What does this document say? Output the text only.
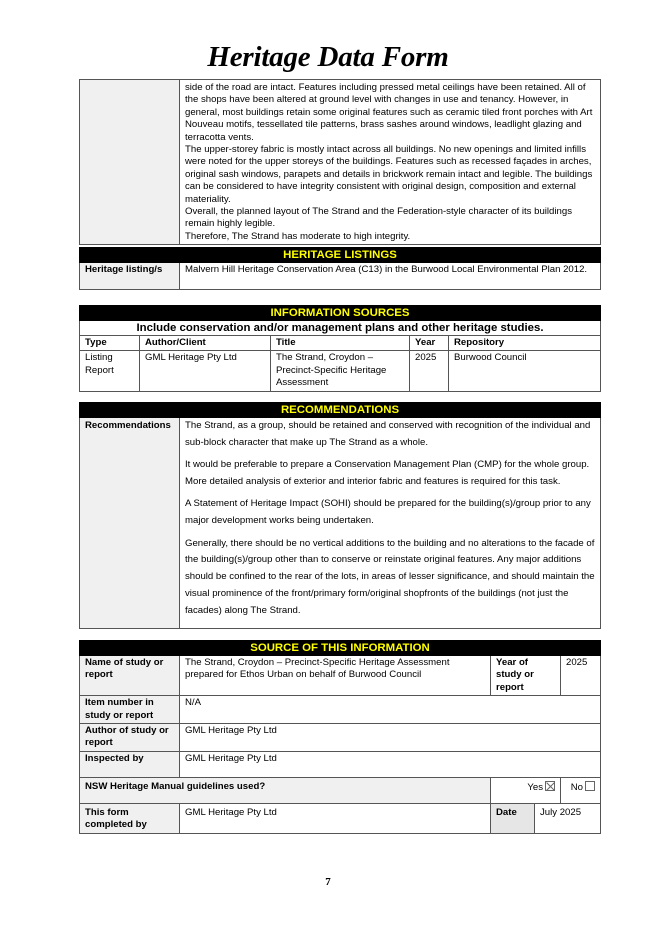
Heritage Data Form

side of the road are intact. Features including pressed metal ceilings have been retained. All of the shops have been altered at ground level with changes in use and tenancy. However, in general, most buildings retain some original features such as ceramic tiled front porches with Art Nouveau motifs, tessellated tile patterns, brass sashes around windows, leadlight glazing and terracotta vents.
The upper-storey fabric is mostly intact across all buildings. No new openings and limited infills were noted for the upper storeys of the buildings. Features such as recessed façades in arches, original sash windows, parapets and details in brickwork remain intact and legible. The buildings can be considered to have integrity consistent with original design, composition and external materiality.
Overall, the planned layout of The Strand and the Federation-style character of its buildings remain highly legible.
Therefore, The Strand has moderate to high integrity.
HERITAGE LISTINGS
Heritage listing/s	Malvern Hill Heritage Conservation Area (C13) in the Burwood Local Environmental Plan 2012.
INFORMATION SOURCES				
Include conservation and/or management plans and other heritage studies.				
Type	Author/Client	Title	Year	Repository
Listing Report	GML Heritage Pty Ltd	The Strand, Croydon – Precinct-Specific Heritage Assessment	2025	Burwood Council
RECOMMENDATIONS
Recommendations	The Strand, as a group, should be retained and conserved with recognition of the individual and sub-block character that make up The Strand as a whole.

It would be preferable to prepare a Conservation Management Plan (CMP) for the whole group. More detailed analysis of exterior and interior fabric and features is required for this task.

A Statement of Heritage Impact (SOHI) should be prepared for the building(s)/group prior to any major development works being undertaken.

Generally, there should be no vertical additions to the building and no alterations to the facade of the building(s)/group other than to conserve or reinstate original features. Any major additions should be confined to the rear of the lots, in areas of lesser significance, and should maintain the visual prominence of the front/primary form/original shopfronts of the buildings (not just the facades) along The Strand.

SOURCE OF THIS INFORMATION				
Name of study or report	The Strand, Croydon – Precinct-Specific Heritage Assessment prepared for Ethos Urban on behalf of Burwood Council	Year of study or report		2025
Item number in study or report	N/A			
Author of study or report	GML Heritage Pty Ltd			
Inspected by	GML Heritage Pty Ltd			
NSW Heritage Manual guidelines used?		Yes		No
This form completed by	GML Heritage Pty Ltd	Date	July 2025	
7
